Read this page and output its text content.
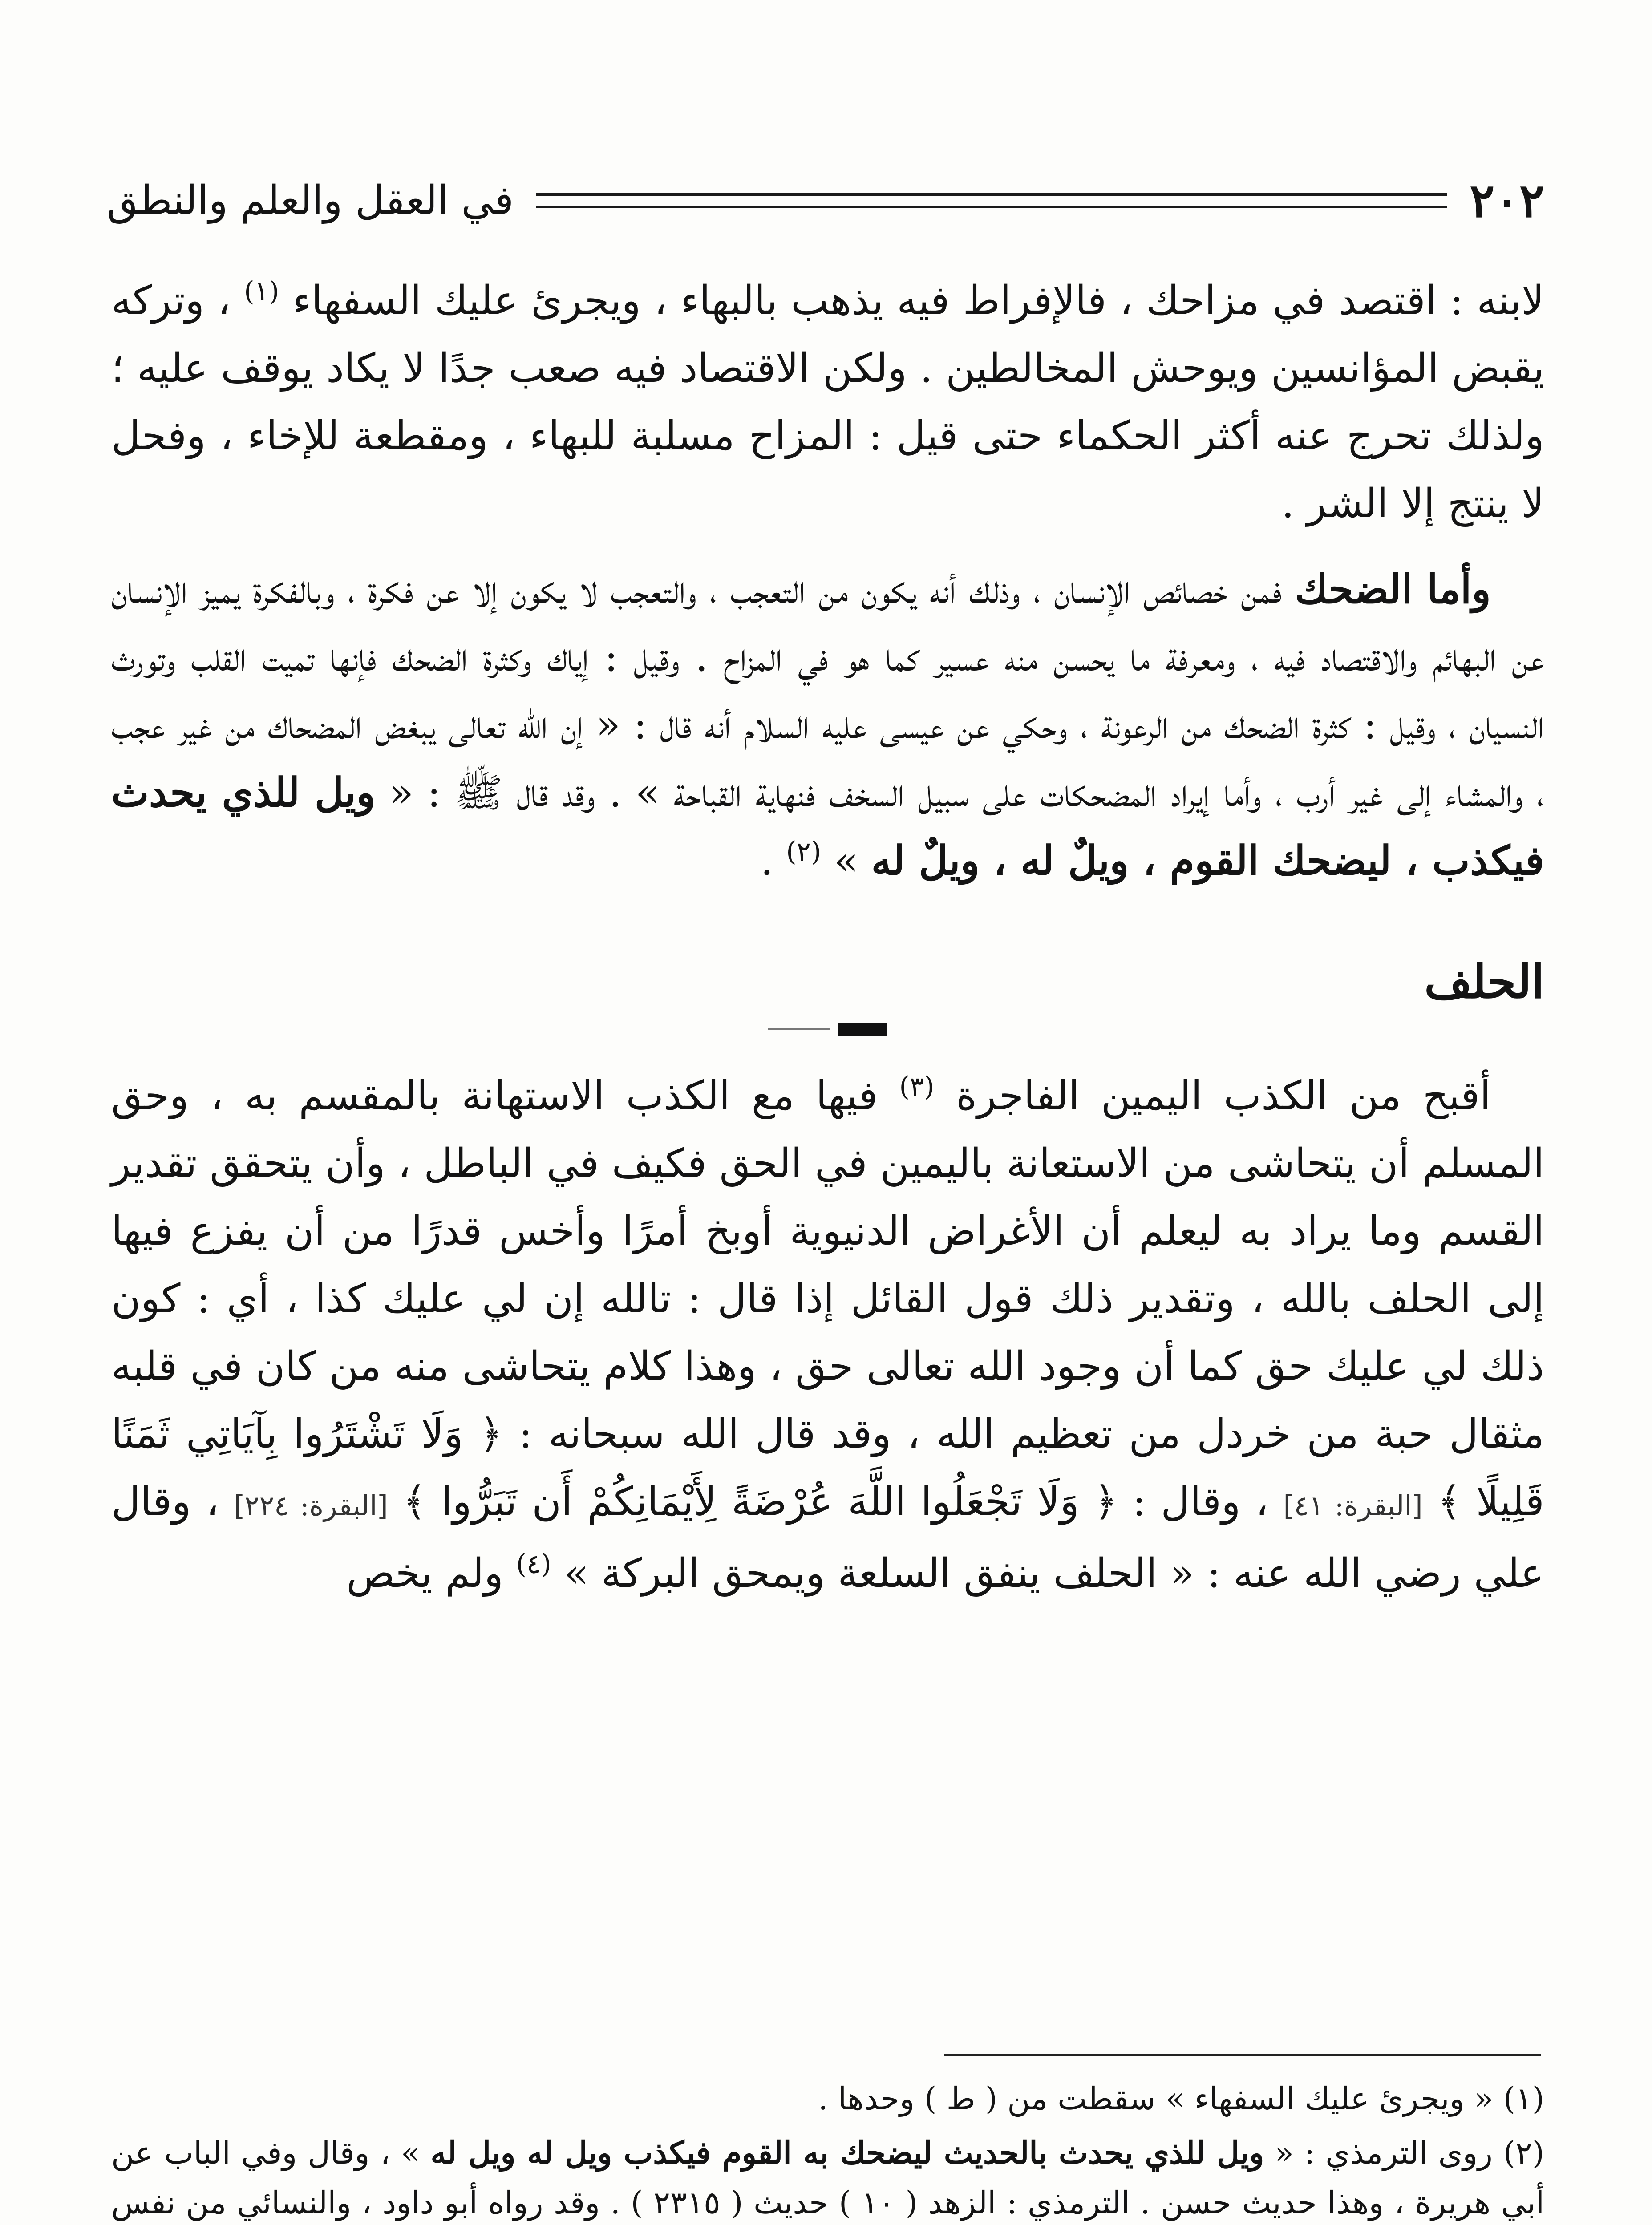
٢٠٢
في العقل والعلم والنطق

لابنه : اقتصد في مزاحك ، فالإفراط فيه يذهب بالبهاء ، ويجرئ عليك السفهاء $^{(١)}$ ، وتركه يقبض المؤانسين ويوحش المخالطين . ولكن الاقتصاد فيه صعب جدًا لا يكاد يوقف عليه ؛ ولذلك تحرج عنه أكثر الحكماء حتى قيل : المزاح مسلبة للبهاء ، ومقطعة للإخاء ، وفحل لا ينتج إلا الشر .

وأما الضحك فمن خصائص الإنسان ، وذلك أنه يكون من التعجب ، والتعجب لا يكون إلا عن فكرة ، وبالفكرة يميز الإنسان عن البهائم والاقتصاد فيه ، ومعرفة ما يحسن منه عسير كما هو في المزاح . وقيل : إياك وكثرة الضحك فإنها تميت القلب وتورث النسيان ، وقيل : كثرة الضحك من الرعونة ، وحكي عن عيسى عليه السلام أنه قال : « إن الله تعالى يبغض المضحاك من غير عجب ، والمشاء إلى غير أرب ، وأما إيراد المضحكات على سبيل السخف فنهاية القباحة » . وقد قال ﷺ : « ويل للذي يحدث فيكذب ، ليضحك القوم ، ويلٌ له ، ويلٌ له » $^{(٢)}$ .

الحلف

أقبح من الكذب اليمين الفاجرة $^{(٣)}$ فيها مع الكذب الاستهانة بالمقسم به ، وحق المسلم أن يتحاشى من الاستعانة باليمين في الحق فكيف في الباطل ، وأن يتحقق تقدير القسم وما يراد به ليعلم أن الأغراض الدنيوية أوبخ أمرًا وأخس قدرًا من أن يفزع فيها إلى الحلف بالله ، وتقدير ذلك قول القائل إذا قال : تالله إن لي عليك كذا ، أي : كون ذلك لي عليك حق كما أن وجود الله تعالى حق ، وهذا كلام يتحاشى منه من كان في قلبه مثقال حبة من خردل من تعظيم الله ، وقد قال الله سبحانه : ﴿ وَلَا تَشْتَرُوا بِآيَاتِي ثَمَنًا قَلِيلًا ﴾ [البقرة: ٤١] ، وقال : ﴿ وَلَا تَجْعَلُوا اللَّهَ عُرْضَةً لِأَيْمَانِكُمْ أَن تَبَرُّوا ﴾ [البقرة: ٢٢٤] ، وقال علي رضي الله عنه : « الحلف ينفق السلعة ويمحق البركة » $^{(٤)}$ ولم يخص

(١) « ويجرئ عليك السفهاء » سقطت من ( ط ) وحدها .

(٢) روى الترمذي : « ويل للذي يحدث بالحديث ليضحك به القوم فيكذب ويل له ويل له » ، وقال وفي الباب عن أبي هريرة ، وهذا حديث حسن . الترمذي : الزهد ( ١٠ ) حديث ( ٢٣١٥ ) . وقد رواه أبو داود ، والنسائي من نفس
